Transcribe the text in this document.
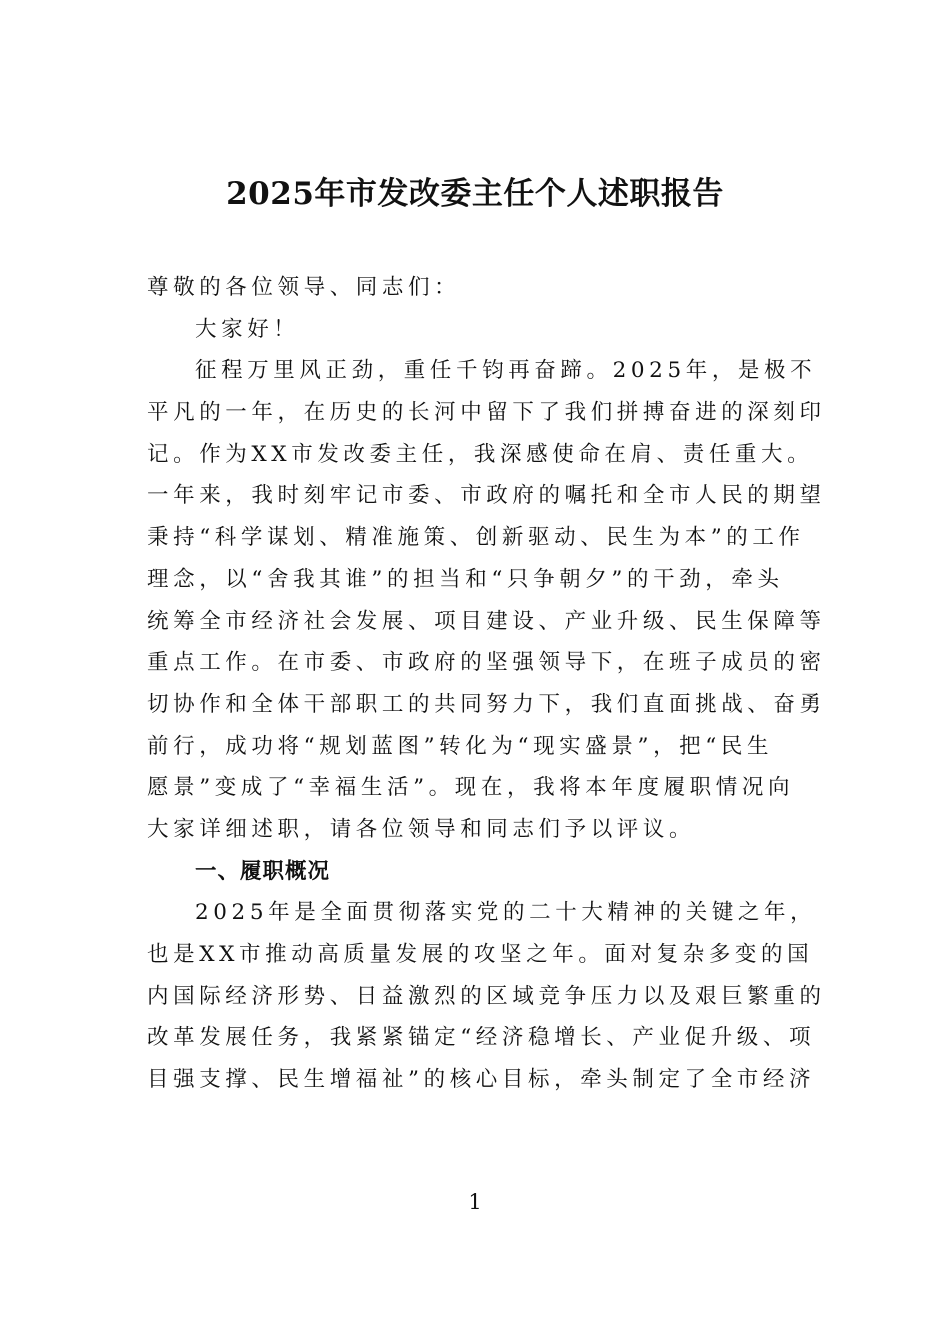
2025年市发改委主任个人述职报告
尊敬的各位领导、同志们：
大家好！
征程万里风正劲，重任千钧再奋蹄。2025年，是极不
平凡的一年，在历史的长河中留下了我们拼搏奋进的深刻印
记。作为XX市发改委主任，我深感使命在肩、责任重大。
一年来，我时刻牢记市委、市政府的嘱托和全市人民的期望
秉持“科学谋划、精准施策、创新驱动、民生为本”的工作
理念，以“舍我其谁”的担当和“只争朝夕”的干劲，牵头
统筹全市经济社会发展、项目建设、产业升级、民生保障等
重点工作。在市委、市政府的坚强领导下，在班子成员的密
切协作和全体干部职工的共同努力下，我们直面挑战、奋勇
前行，成功将“规划蓝图”转化为“现实盛景”，把“民生
愿景”变成了“幸福生活”。现在，我将本年度履职情况向
大家详细述职，请各位领导和同志们予以评议。
一、履职概况
2025年是全面贯彻落实党的二十大精神的关键之年，
也是XX市推动高质量发展的攻坚之年。面对复杂多变的国
内国际经济形势、日益激烈的区域竞争压力以及艰巨繁重的
改革发展任务，我紧紧锚定“经济稳增长、产业促升级、项
目强支撑、民生增福祉”的核心目标，牵头制定了全市经济
1
